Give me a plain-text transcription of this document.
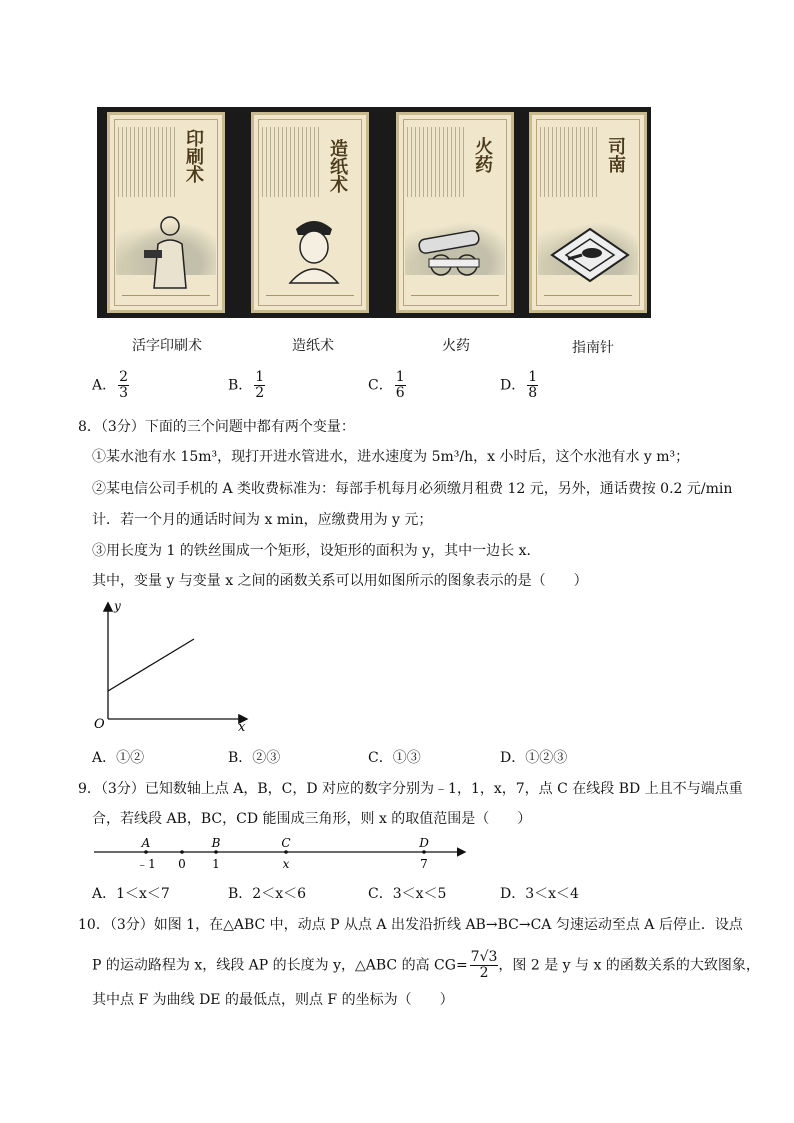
印刷术	造纸术	火药	司南
活字印刷术	造纸术	火药	指南针
A． $\frac{2}{3}$	B． $\frac{1}{2}$	C． $\frac{1}{6}$	D． $\frac{1}{8}$
8．（3分）下面的三个问题中都有两个变量：
①某水池有水 15m³，现打开进水管进水，进水速度为 5m³/h，x 小时后，这个水池有水 y m³；
②某电信公司手机的 A 类收费标准为：每部手机每月必须缴月租费 12 元，另外，通话费按 0.2 元/min
计．若一个月的通话时间为 x min，应缴费用为 y 元；
③用长度为 1 的铁丝围成一个矩形，设矩形的面积为 y，其中一边长 x．
其中，变量 y 与变量 x 之间的函数关系可以用如图所示的图象表示的是（　　）
y
x
O
A．①②	B．②③	C．①③	D．①②③
9．（3分）已知数轴上点 A，B，C，D 对应的数字分别为﹣1，1，x，7，点 C 在线段 BD 上且不与端点重
合，若线段 AB，BC，CD 能围成三角形，则 x 的取值范围是（　　）
A
﹣1 0
B
1
C
x
D
7
A．1＜x＜7	B．2＜x＜6	C．3＜x＜5	D．3＜x＜4
10．（3分）如图 1，在△ABC 中，动点 P 从点 A 出发沿折线 AB→BC→CA 匀速运动至点 A 后停止．设点
P 的运动路程为 x，线段 AP 的长度为 y，△ABC 的高 $CG= \frac{7√3}{2}$ ，图 2 是 y 与 x 的函数关系的大致图象，
其中点 F 为曲线 DE 的最低点，则点 F 的坐标为（　　）
